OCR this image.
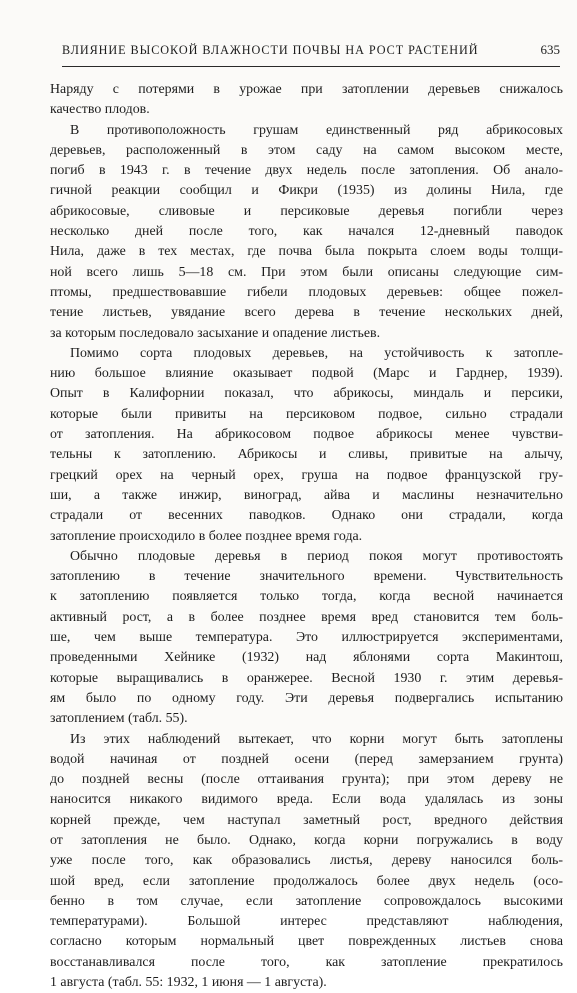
ВЛИЯНИЕ ВЫСОКОЙ ВЛАЖНОСТИ ПОЧВЫ НА РОСТ РАСТЕНИЙ	635
Наряду с потерями в урожае при затоплении деревьев снижалось
качество плодов.
В противоположность грушам единственный ряд абрикосовых
деревьев, расположенный в этом саду на самом высоком месте,
погиб в 1943 г. в течение двух недель после затопления. Об анало-
гичной реакции сообщил и Фикри (1935) из долины Нила, где
абрикосовые, сливовые и персиковые деревья погибли через
несколько дней после того, как начался 12-дневный паводок
Нила, даже в тех местах, где почва была покрыта слоем воды толщи-
ной всего лишь 5—18 см. При этом были описаны следующие сим-
птомы, предшествовавшие гибели плодовых деревьев: общее пожел-
тение листьев, увядание всего дерева в течение нескольких дней,
за которым последовало засыхание и опадение листьев.
Помимо сорта плодовых деревьев, на устойчивость к затопле-
нию большое влияние оказывает подвой (Марс и Гарднер, 1939).
Опыт в Калифорнии показал, что абрикосы, миндаль и персики,
которые были привиты на персиковом подвое, сильно страдали
от затопления. На абрикосовом подвое абрикосы менее чувстви-
тельны к затоплению. Абрикосы и сливы, привитые на алычу,
грецкий орех на черный орех, груша на подвое французской гру-
ши, а также инжир, виноград, айва и маслины незначительно
страдали от весенних паводков. Однако они страдали, когда
затопление происходило в более позднее время года.
Обычно плодовые деревья в период покоя могут противостоять
затоплению в течение значительного времени. Чувствительность
к затоплению появляется только тогда, когда весной начинается
активный рост, а в более позднее время вред становится тем боль-
ше, чем выше температура. Это иллюстрируется экспериментами,
проведенными Хейнике (1932) над яблонями сорта Макинтош,
которые выращивались в оранжерее. Весной 1930 г. этим деревья-
ям было по одному году. Эти деревья подвергались испытанию
затоплением (табл. 55).
Из этих наблюдений вытекает, что корни могут быть затоплены
водой начиная от поздней осени (перед замерзанием грунта)
до поздней весны (после оттаивания грунта); при этом дереву не
наносится никакого видимого вреда. Если вода удалялась из зоны
корней прежде, чем наступал заметный рост, вредного действия
от затопления не было. Однако, когда корни погружались в воду
уже после того, как образовались листья, дереву наносился боль-
шой вред, если затопление продолжалось более двух недель (осо-
бенно в том случае, если затопление сопровождалось высокими
температурами). Большой интерес представляют наблюдения,
согласно которым нормальный цвет поврежденных листьев снова
восстанавливался после того, как затопление прекратилось
1 августа (табл. 55: 1932, 1 июня — 1 августа).
